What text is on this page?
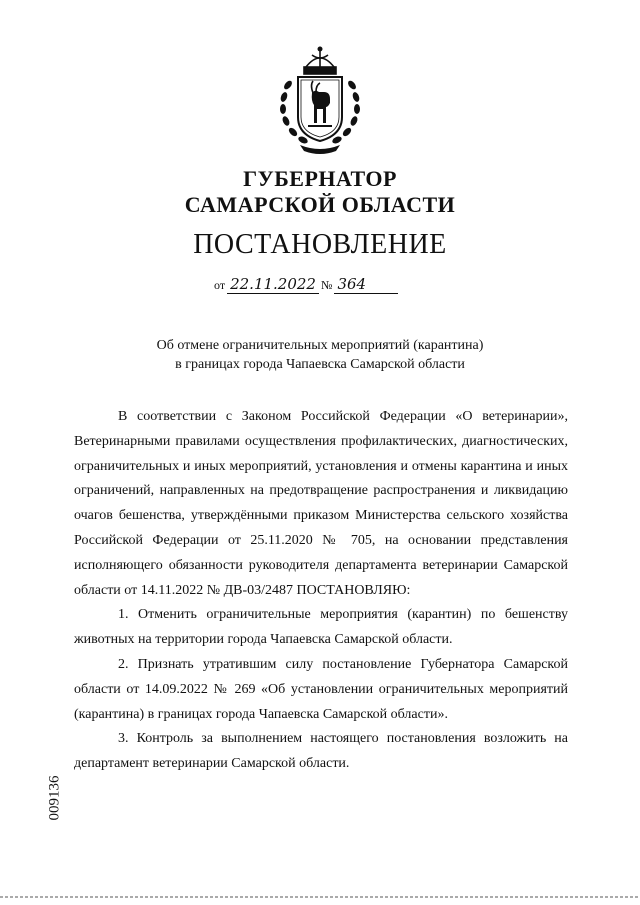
ГУБЕРНАТОР
САМАРСКОЙ ОБЛАСТИ
ПОСТАНОВЛЕНИЕ
от 22.11.2022 № 364
Об отмене ограничительных мероприятий (карантина)
в границах города Чапаевска Самарской области

В соответствии с Законом Российской Федерации «О ветеринарии», Ветеринарными правилами осуществления профилактических, диагностических, ограничительных и иных мероприятий, установления и отмены карантина и иных ограничений, направленных на предотвращение распространения и ликвидацию очагов бешенства, утверждёнными приказом Министерства сельского хозяйства Российской Федерации от 25.11.2020 № 705, на основании представления исполняющего обязанности руководителя департамента ветеринарии Самарской области от 14.11.2022 № ДВ-03/2487 ПОСТАНОВЛЯЮ:

1. Отменить ограничительные мероприятия (карантин) по бешенству животных на территории города Чапаевска Самарской области.

2. Признать утратившим силу постановление Губернатора Самарской области от 14.09.2022 № 269 «Об установлении ограничительных мероприятий (карантина) в границах города Чапаевска Самарской области».

3. Контроль за выполнением настоящего постановления возложить на департамент ветеринарии Самарской области.

009136
